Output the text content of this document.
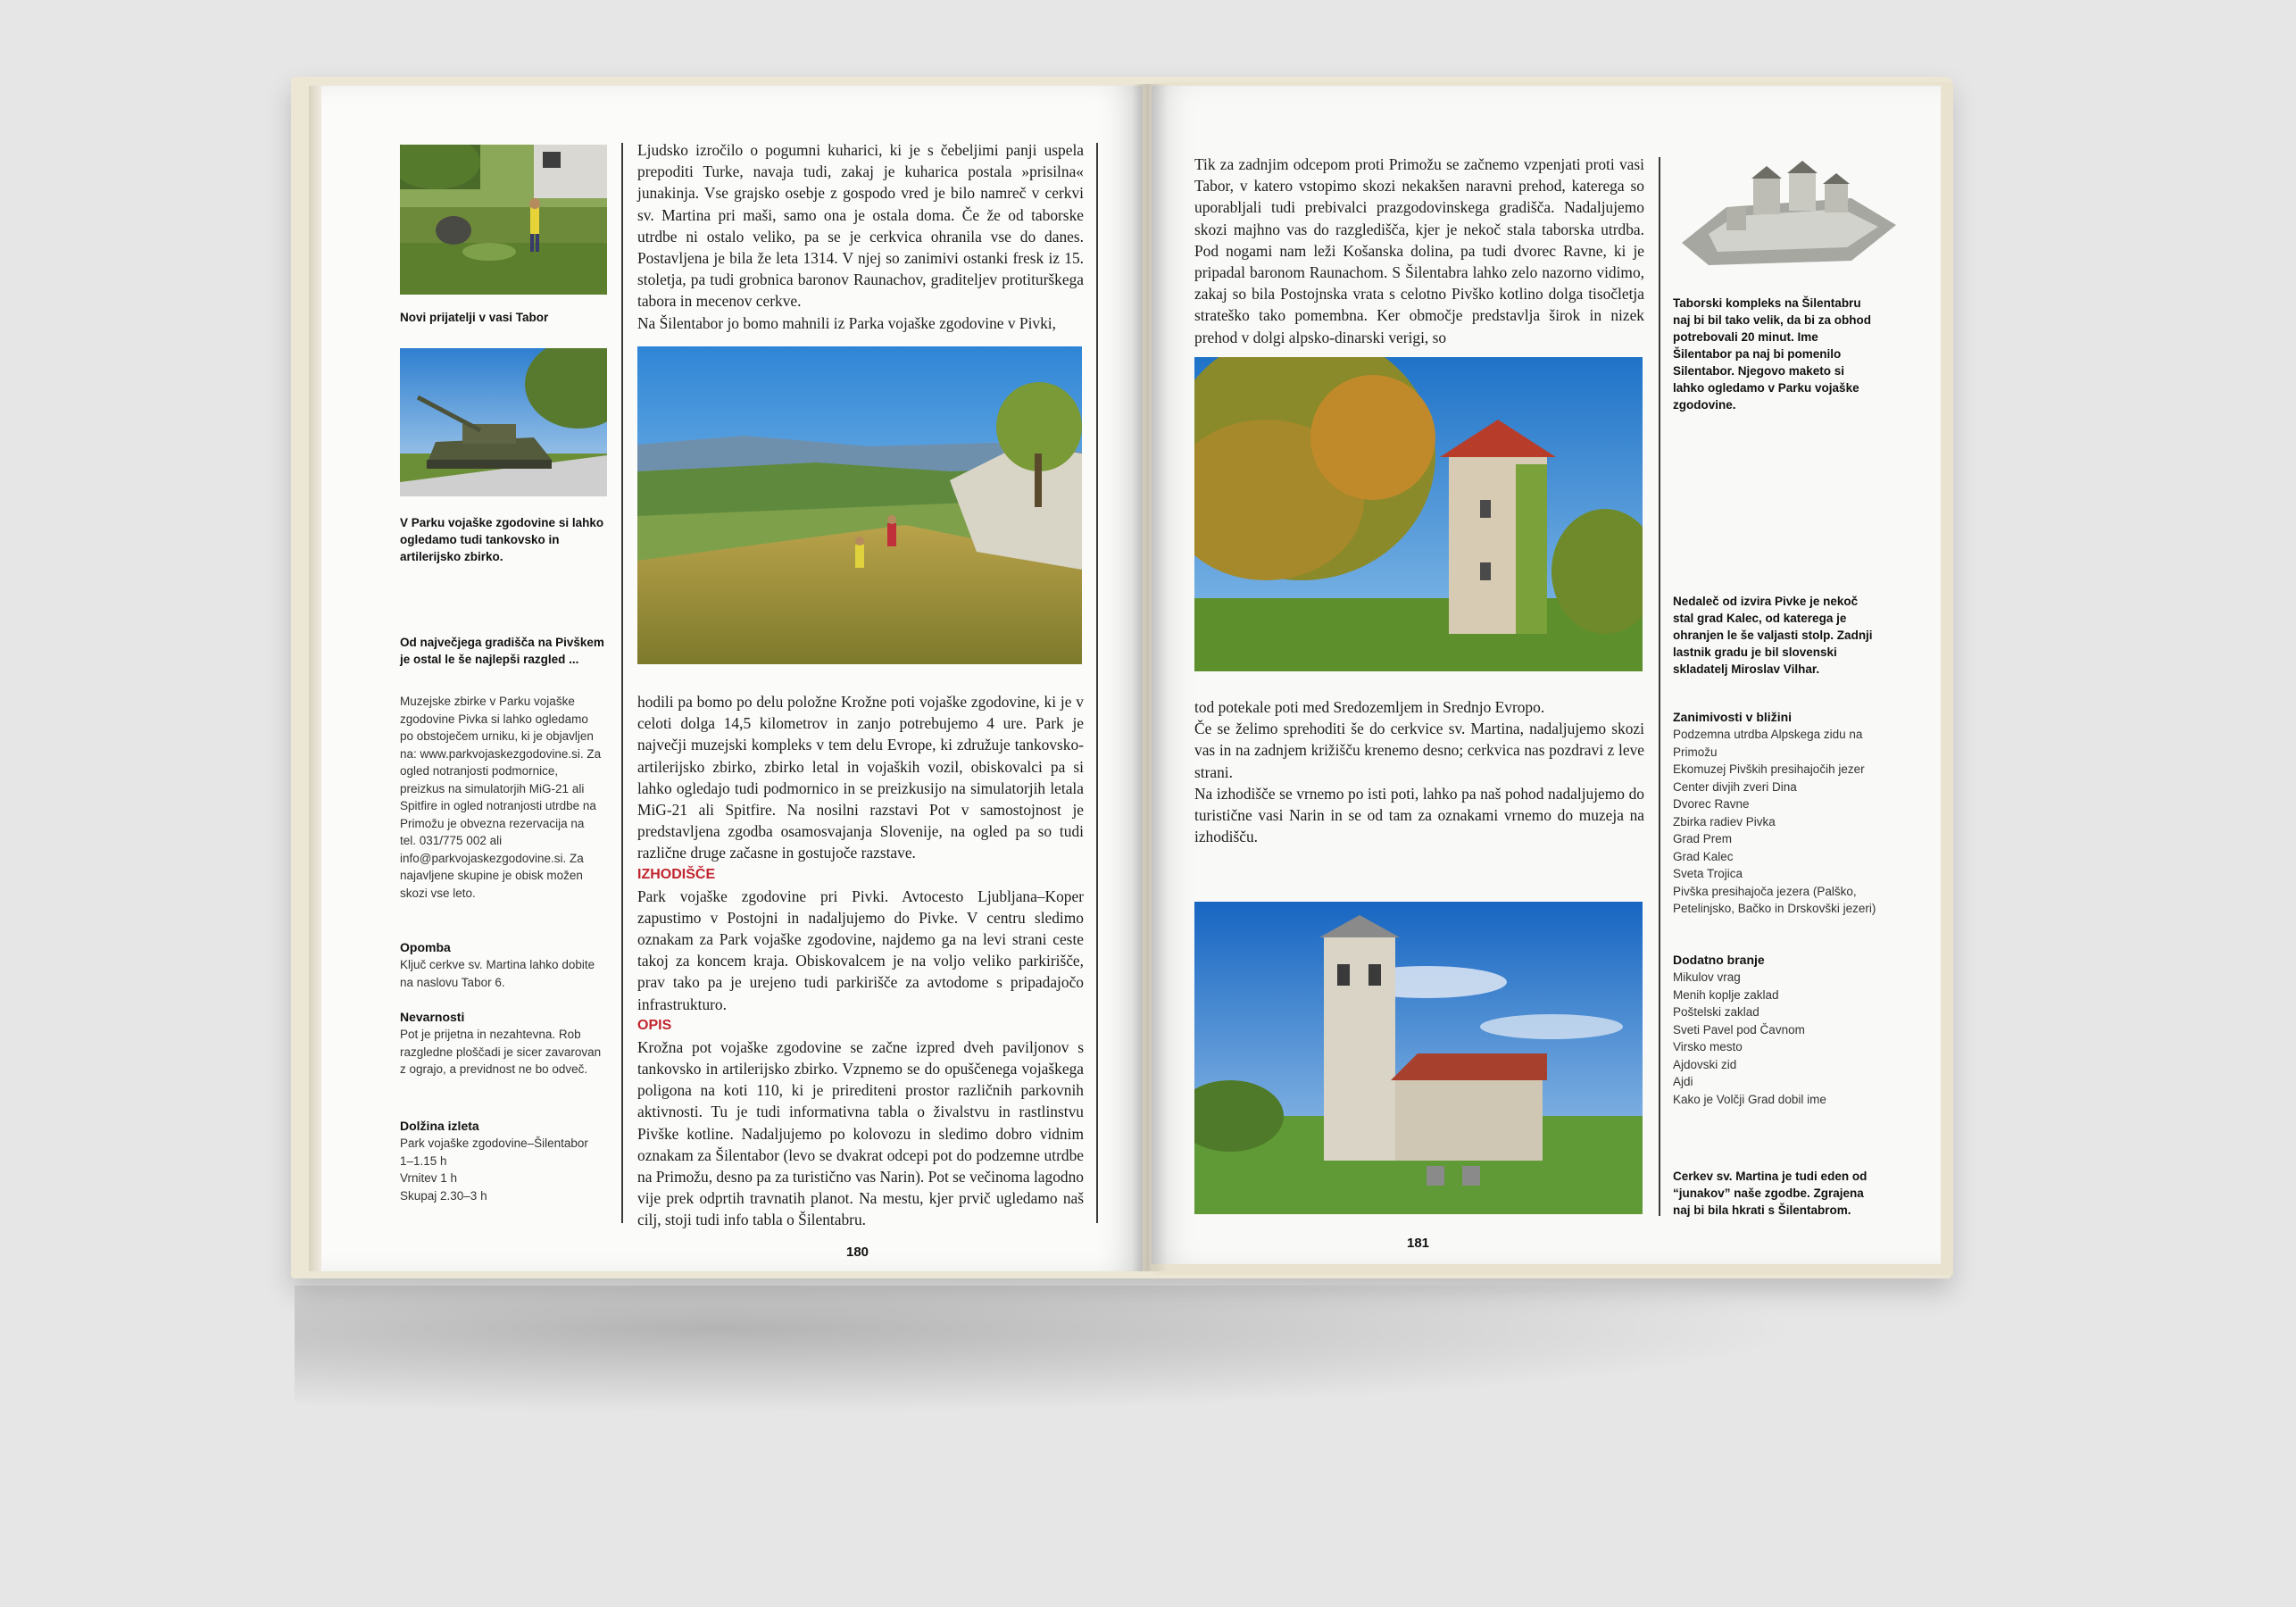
Novi prijatelji v vasi Tabor
V Parku vojaške zgodovine si lahko ogledamo tudi tankovsko in artilerijsko zbirko.
Od največjega gradišča na Pivškem je ostal le še najlepši razgled ...
Muzejske zbirke v Parku vojaške zgodovine Pivka si lahko ogledamo po obstoječem urniku, ki je objavljen na: www.parkvojaskezgodovine.si. Za ogled notranjosti podmornice, preizkus na simulatorjih MiG-21 ali Spitfire in ogled notranjosti utrdbe na Primožu je obvezna rezervacija na tel. 031/775 002 ali info@parkvojaskezgodovine.si. Za najavljene skupine je obisk možen skozi vse leto.

Opomba

Ključ cerkve sv. Martina lahko dobite na naslovu Tabor 6.

Nevarnosti

Pot je prijetna in nezahtevna. Rob razgledne ploščadi je sicer zavarovan z ograjo, a previdnost ne bo odveč.

Dolžina izleta

Park vojaške zgodovine–Šilentabor

1–1.15 h

Vrnitev 1 h

Skupaj 2.30–3 h

Ljudsko izročilo o pogumni kuharici, ki je s čebeljimi panji uspela prepoditi Turke, navaja tudi, zakaj je kuharica postala »prisilna« junakinja. Vse grajsko osebje z gospodo vred je bilo namreč v cerkvi sv. Martina pri maši, samo ona je ostala doma. Če že od taborske utrdbe ni ostalo veliko, pa se je cerkvica ohranila vse do danes. Postavljena je bila že leta 1314. V njej so zanimivi ostanki fresk iz 15. stoletja, pa tudi grobnica baronov Raunachov, graditeljev protiturškega tabora in mecenov cerkve.

Na Šilentabor jo bomo mahnili iz Parka vojaške zgodovine v Pivki,

hodili pa bomo po delu položne Krožne poti vojaške zgodovine, ki je v celoti dolga 14,5 kilometrov in zanjo potrebujemo 4 ure. Park je največji muzejski kompleks v tem delu Evrope, ki združuje tankovsko-artilerijsko zbirko, zbirko letal in vojaških vozil, obiskovalci pa si lahko ogledajo tudi podmornico in se preizkusijo na simulatorjih letala MiG-21 ali Spitfire. Na nosilni razstavi Pot v samostojnost je predstavljena zgodba osamosvajanja Slovenije, na ogled pa so tudi različne druge začasne in gostujoče razstave.

IZHODIŠČE

Park vojaške zgodovine pri Pivki. Avtocesto Ljubljana–Koper zapustimo v Postojni in nadaljujemo do Pivke. V centru sledimo oznakam za Park vojaške zgodovine, najdemo ga na levi strani ceste takoj za koncem kraja. Obiskovalcem je na voljo veliko parkirišče, prav tako pa je urejeno tudi parkirišče za avtodome s pripadajočo infrastrukturo.

OPIS

Krožna pot vojaške zgodovine se začne izpred dveh paviljonov s tankovsko in artilerijsko zbirko. Vzpnemo se do opuščenega vojaškega poligona na koti 110, ki je prirediteni prostor različnih parkovnih aktivnosti. Tu je tudi informativna tabla o živalstvu in rastlinstvu Pivške kotline. Nadaljujemo po kolovozu in sledimo dobro vidnim oznakam za Šilentabor (levo se dvakrat odcepi pot do podzemne utrdbe na Primožu, desno pa za turistično vas Narin). Pot se večinoma lagodno vije prek odprtih travnatih planot. Na mestu, kjer prvič ugledamo naš cilj, stoji tudi info tabla o Šilentabru.

180

Tik za zadnjim odcepom proti Primožu se začnemo vzpenjati proti vasi Tabor, v katero vstopimo skozi nekakšen naravni prehod, katerega so uporabljali tudi prebivalci prazgodovinskega gradišča. Nadaljujemo skozi majhno vas do razgledišča, kjer je nekoč stala taborska utrdba. Pod nogami nam leži Košanska dolina, pa tudi dvorec Ravne, ki je pripadal baronom Raunachom. S Šilentabra lahko zelo nazorno vidimo, zakaj so bila Postojnska vrata s celotno Pivško kotlino dolga tisočletja strateško tako pomembna. Ker območje predstavlja širok in nizek prehod v dolgi alpsko-dinarski verigi, so

tod potekale poti med Sredozemljem in Srednjo Evropo.

Če se želimo sprehoditi še do cerkvice sv. Martina, nadaljujemo skozi vas in na zadnjem križišču krenemo desno; cerkvica nas pozdravi z leve strani.

Na izhodišče se vrnemo po isti poti, lahko pa naš pohod nadaljujemo do turistične vasi Narin in se od tam za oznakami vrnemo do muzeja na izhodišču.

Taborski kompleks na Šilentabru naj bi bil tako velik, da bi za obhod potrebovali 20 minut. Ime Šilentabor pa naj bi pomenilo Silentabor. Njegovo maketo si lahko ogledamo v Parku vojaške zgodovine.
Nedaleč od izvira Pivke je nekoč stal grad Kalec, od katerega je ohranjen le še valjasti stolp. Zadnji lastnik gradu je bil slovenski skladatelj Miroslav Vilhar.

Zanimivosti v bližini

Podzemna utrdba Alpskega zidu na Primožu
Ekomuzej Pivških presihajočih jezer
Center divjih zveri Dina
Dvorec Ravne
Zbirka radiev Pivka
Grad Prem
Grad Kalec
Sveta Trojica
Pivška presihajoča jezera (Palško, Petelinjsko, Bačko in Drskovški jezeri)

Dodatno branje

Mikulov vrag
Menih koplje zaklad
Poštelski zaklad
Sveti Pavel pod Čavnom
Virsko mesto
Ajdovski zid
Ajdi
Kako je Volčji Grad dobil ime
Cerkev sv. Martina je tudi eden od “junakov” naše zgodbe. Zgrajena naj bi bila hkrati s Šilentabrom.
181
